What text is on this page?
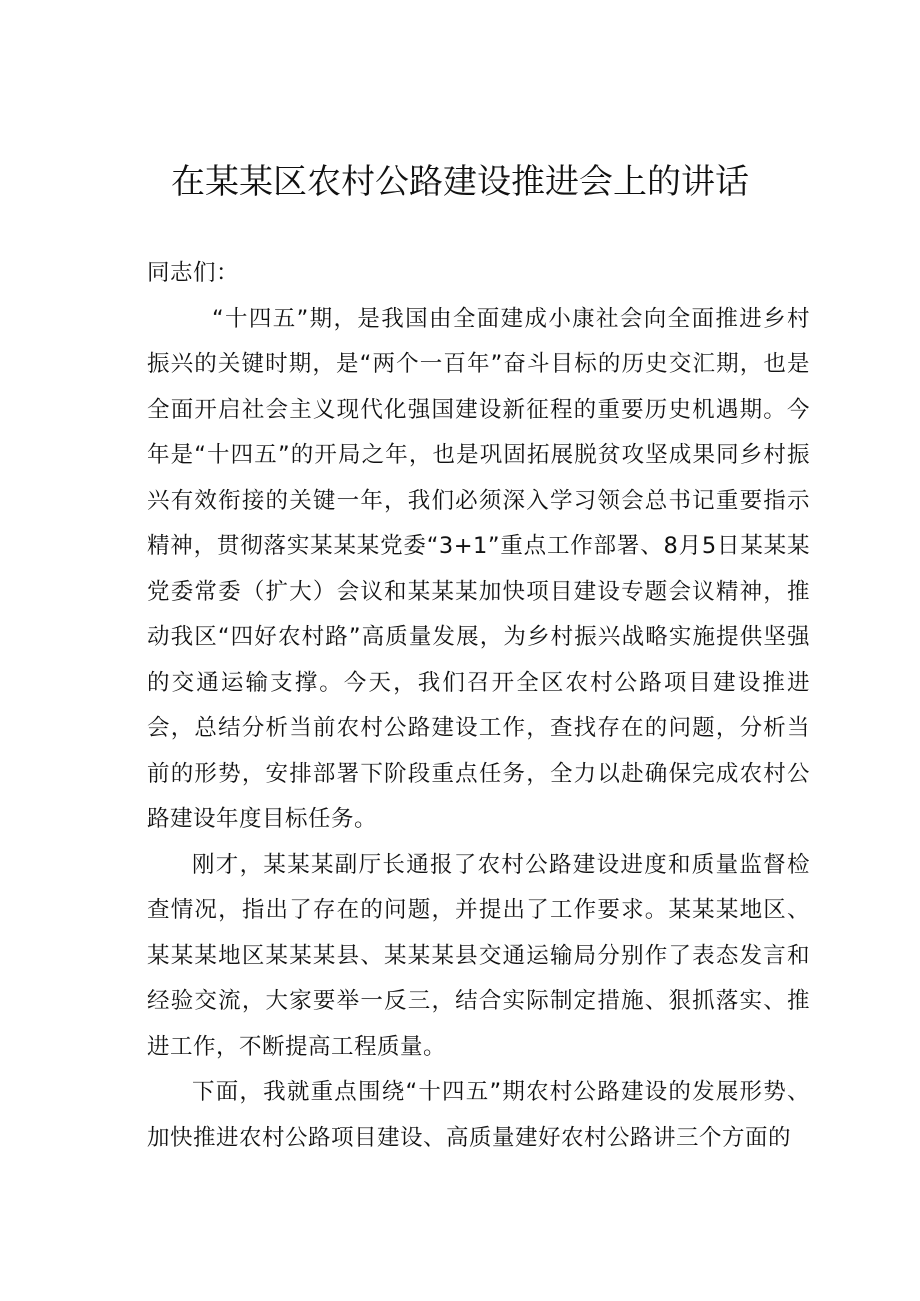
在某某区农村公路建设推进会上的讲话

同志们：

“十四五”期，是我国由全面建成小康社会向全面推进乡村振兴的关键时期，是“两个一百年”奋斗目标的历史交汇期，也是全面开启社会主义现代化强国建设新征程的重要历史机遇期。今年是“十四五”的开局之年，也是巩固拓展脱贫攻坚成果同乡村振兴有效衔接的关键一年，我们必须深入学习领会总书记重要指示精神，贯彻落实某某某党委“3+1”重点工作部署、8月5日某某某党委常委（扩大）会议和某某某加快项目建设专题会议精神，推动我区“四好农村路”高质量发展，为乡村振兴战略实施提供坚强的交通运输支撑。今天，我们召开全区农村公路项目建设推进会，总结分析当前农村公路建设工作，查找存在的问题，分析当前的形势，安排部署下阶段重点任务，全力以赴确保完成农村公路建设年度目标任务。

刚才，某某某副厅长通报了农村公路建设进度和质量监督检查情况，指出了存在的问题，并提出了工作要求。某某某地区、某某某地区某某某县、某某某县交通运输局分别作了表态发言和经验交流，大家要举一反三，结合实际制定措施、狠抓落实、推进工作，不断提高工程质量。

下面，我就重点围绕“十四五”期农村公路建设的发展形势、加快推进农村公路项目建设、高质量建好农村公路讲三个方面的
